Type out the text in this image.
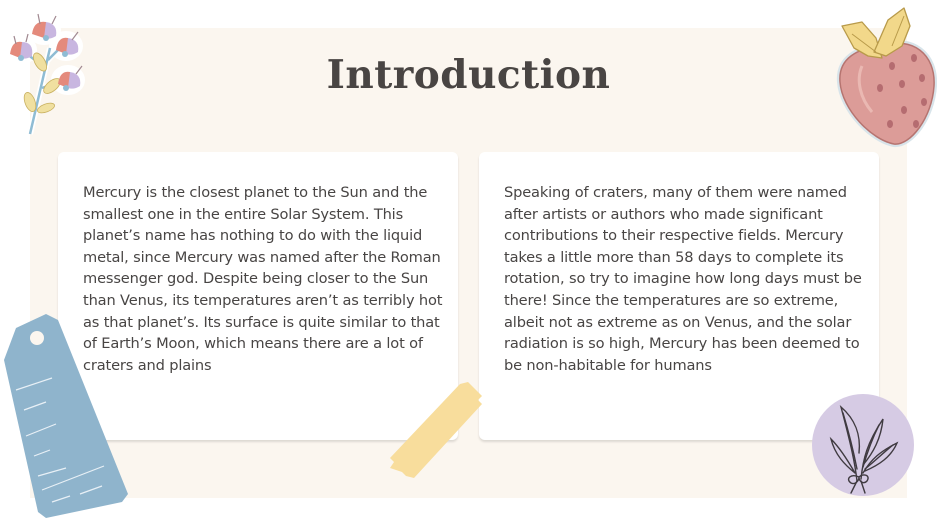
Introduction

Mercury is the closest planet to the Sun and the smallest one in the entire Solar System. This planet’s name has nothing to do with the liquid metal, since Mercury was named after the Roman messenger god. Despite being closer to the Sun than Venus, its temperatures aren’t as terribly hot as that planet’s. Its surface is quite similar to that of Earth’s Moon, which means there are a lot of craters and plains

Speaking of craters, many of them were named after artists or authors who made significant contributions to their respective fields. Mercury takes a little more than 58 days to complete its rotation, so try to imagine how long days must be there! Since the temperatures are so extreme, albeit not as extreme as on Venus, and the solar radiation is so high, Mercury has been deemed to be non-habitable for humans
